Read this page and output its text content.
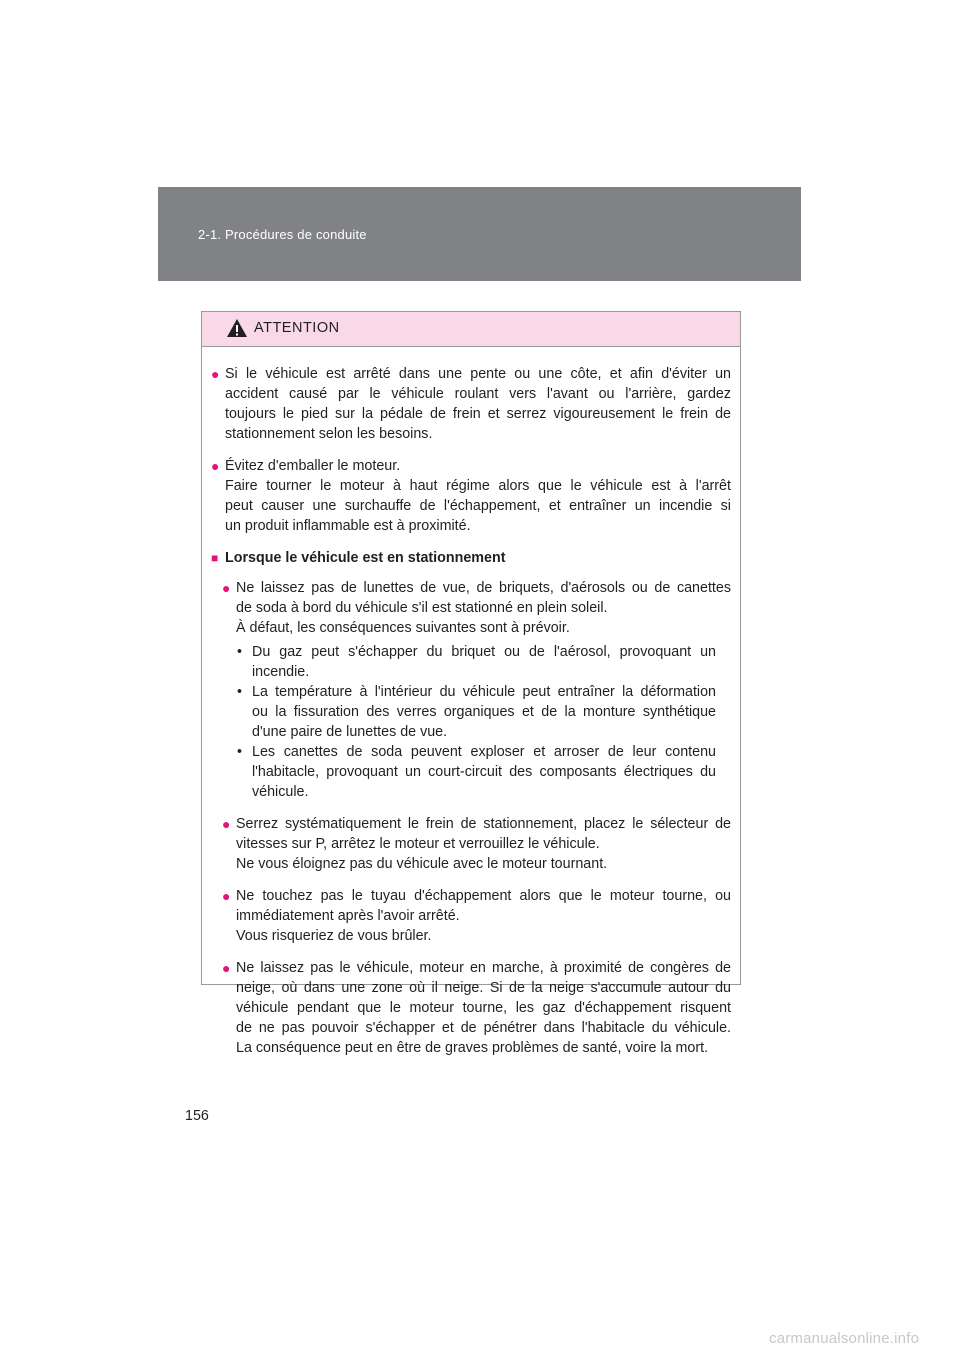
2-1. Procédures de conduite
ATTENTION
● Si le véhicule est arrêté dans une pente ou une côte, et afin d'éviter un
accident causé par le véhicule roulant vers l'avant ou l'arrière, gardez
toujours le pied sur la pédale de frein et serrez vigoureusement le frein de
stationnement selon les besoins.
● Évitez d'emballer le moteur.
Faire tourner le moteur à haut régime alors que le véhicule est à l'arrêt
peut causer une surchauffe de l'échappement, et entraîner un incendie si
un produit inflammable est à proximité.
■ Lorsque le véhicule est en stationnement
● Ne laissez pas de lunettes de vue, de briquets, d'aérosols ou de canettes
de soda à bord du véhicule s'il est stationné en plein soleil.
À défaut, les conséquences suivantes sont à prévoir.
• Du gaz peut s'échapper du briquet ou de l'aérosol, provoquant un
incendie.
• La température à l'intérieur du véhicule peut entraîner la déformation
ou la fissuration des verres organiques et de la monture synthétique
d'une paire de lunettes de vue.
• Les canettes de soda peuvent exploser et arroser de leur contenu
l'habitacle, provoquant un court-circuit des composants électriques du
véhicule.
● Serrez systématiquement le frein de stationnement, placez le sélecteur de
vitesses sur P, arrêtez le moteur et verrouillez le véhicule.
Ne vous éloignez pas du véhicule avec le moteur tournant.
● Ne touchez pas le tuyau d'échappement alors que le moteur tourne, ou
immédiatement après l'avoir arrêté.
Vous risqueriez de vous brûler.
● Ne laissez pas le véhicule, moteur en marche, à proximité de congères de
neige, où dans une zone où il neige. Si de la neige s'accumule autour du
véhicule pendant que le moteur tourne, les gaz d'échappement risquent
de ne pas pouvoir s'échapper et de pénétrer dans l'habitacle du véhicule.
La conséquence peut en être de graves problèmes de santé, voire la mort.
156
carmanualsonline.info
